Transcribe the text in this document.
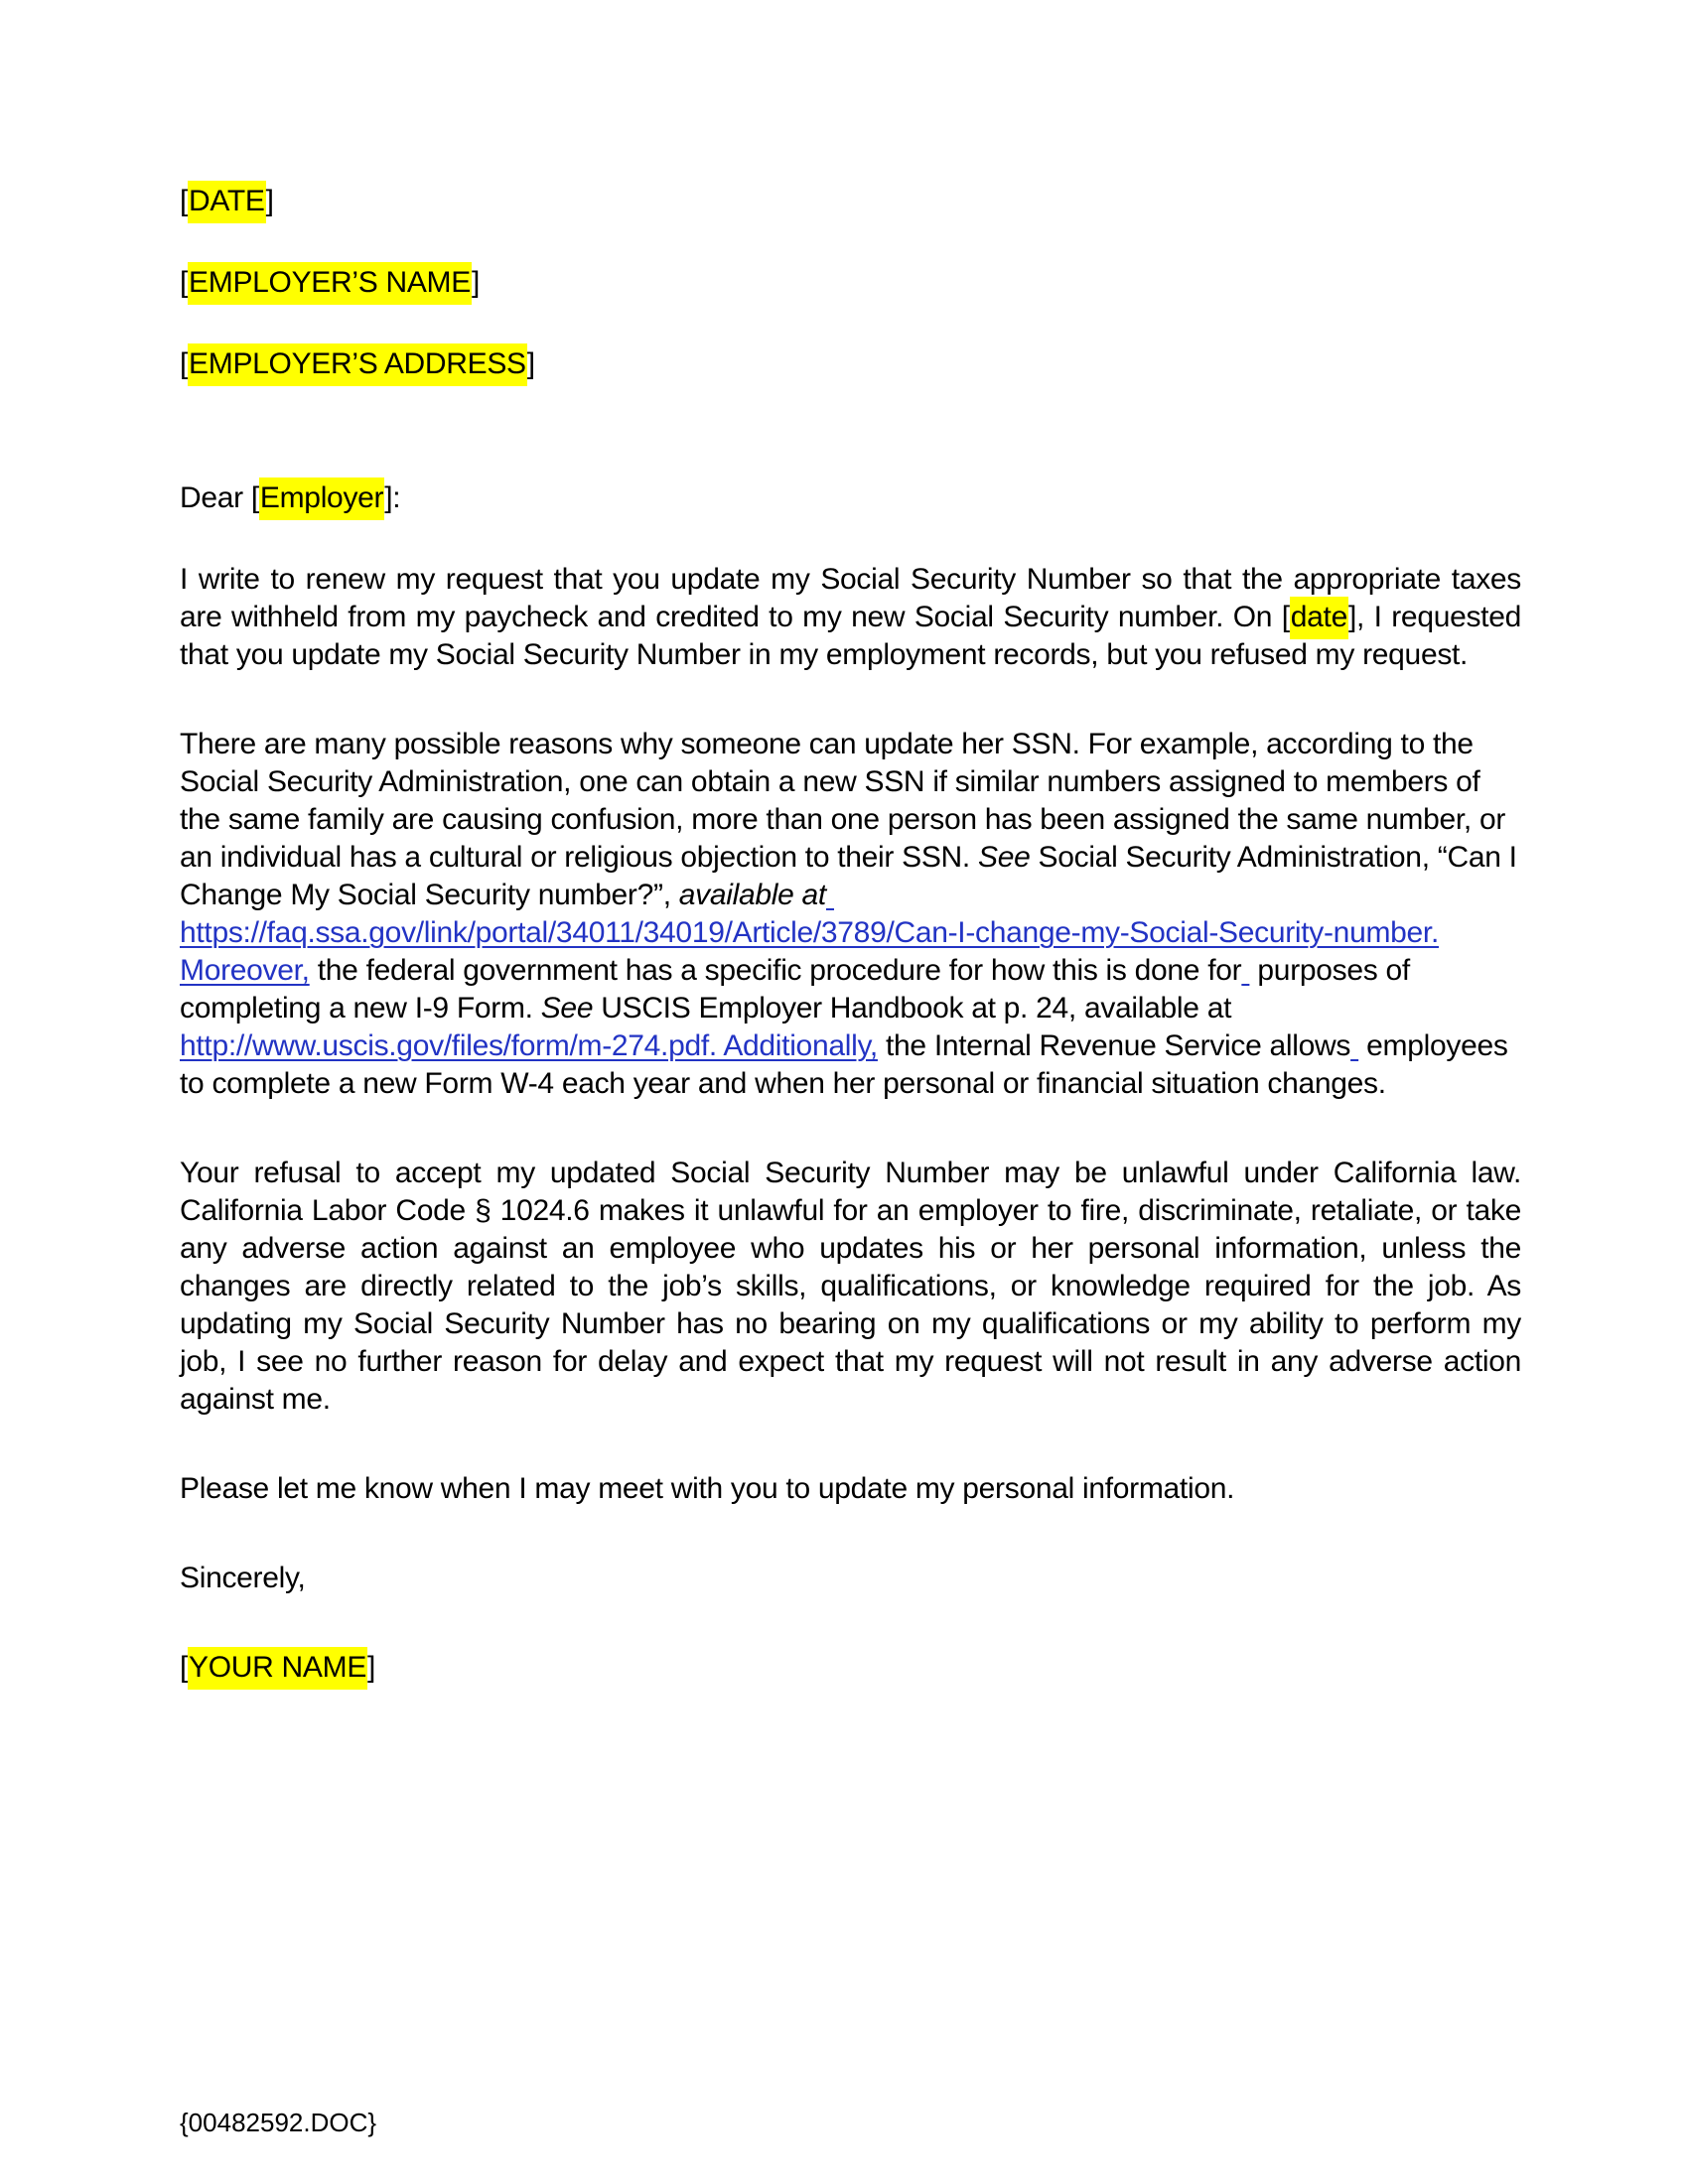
[DATE]

[EMPLOYER’S NAME]

[EMPLOYER’S ADDRESS]

Dear [Employer]:

I write to renew my request that you update my Social Security Number so that the appropriate taxes are withheld from my paycheck and credited to my new Social Security number. On [date], I requested that you update my Social Security Number in my employment records, but you refused my request.

There are many possible reasons why someone can update her SSN. For example, according to the Social Security Administration, one can obtain a new SSN if similar numbers assigned to members of the same family are causing confusion, more than one person has been assigned the same number, or an individual has a cultural or religious objection to their SSN. See Social Security Administration, “Can I Change My Social Security number?”, available at  https://faq.ssa.gov/link/portal/34011/34019/Article/3789/Can-I-change-my-Social-Security-number. Moreover, the federal government has a specific procedure for how this is done for  purposes of completing a new I-9 Form. See USCIS Employer Handbook at p. 24, available at http://www.uscis.gov/files/form/m-274.pdf. Additionally, the Internal Revenue Service allows  employees to complete a new Form W-4 each year and when her personal or financial situation changes.

Your refusal to accept my updated Social Security Number may be unlawful under California law. California Labor Code § 1024.6 makes it unlawful for an employer to fire, discriminate, retaliate, or take any adverse action against an employee who updates his or her personal information, unless the changes are directly related to the job’s skills, qualifications, or knowledge required for the job. As updating my Social Security Number has no bearing on my qualifications or my ability to perform my job, I see no further reason for delay and expect that my request will not result in any adverse action against me.

Please let me know when I may meet with you to update my personal information.

Sincerely,

[YOUR NAME]

{00482592.DOC}
